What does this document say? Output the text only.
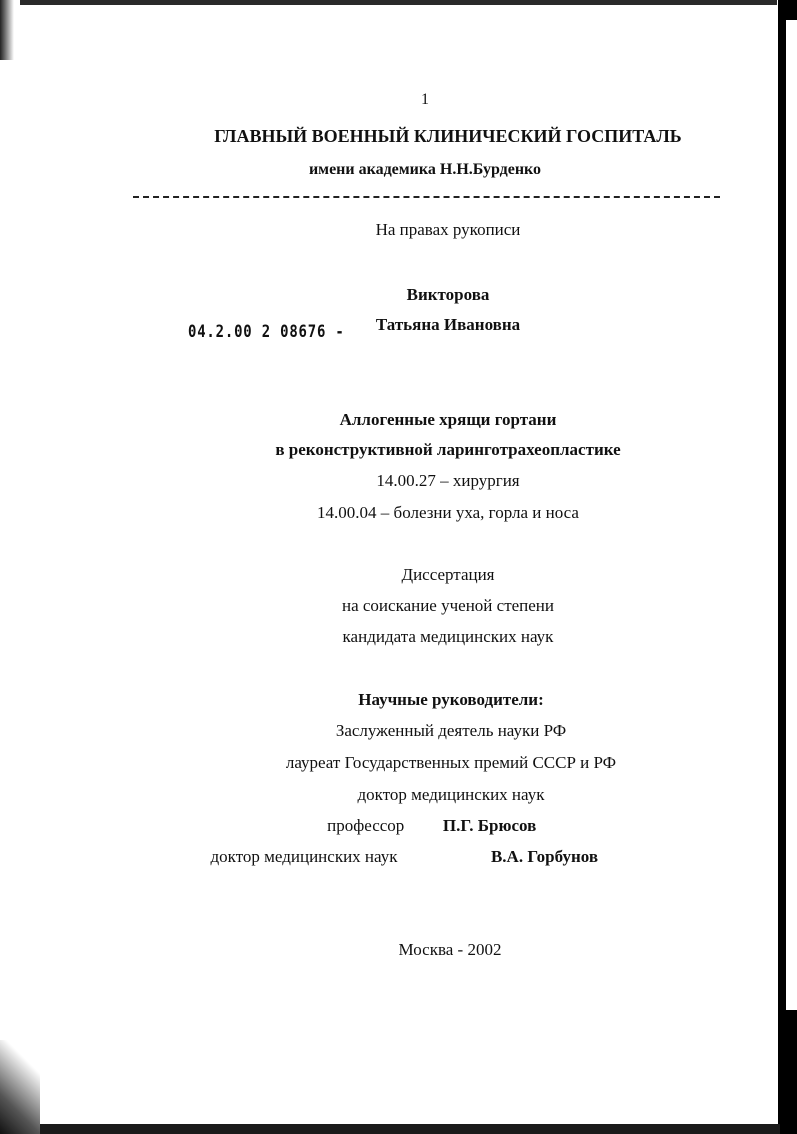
1
ГЛАВНЫЙ ВОЕННЫЙ КЛИНИЧЕСКИЙ ГОСПИТАЛЬ
имени академика Н.Н.Бурденко
На правах рукописи
Викторова
Татьяна Ивановна
04.2.00 2 08676 -
Аллогенные хрящи гортани
в реконструктивной ларинготрахеопластике
14.00.27 – хирургия
14.00.04 – болезни уха, горла и носа
Диссертация
на соискание ученой степени
кандидата медицинских наук
Научные руководители:
Заслуженный деятель науки РФ
лауреат Государственных премий СССР и РФ
доктор медицинских наук
профессорП.Г. Брюсов
доктор медицинских наук	В.А. Горбунов
Москва - 2002
